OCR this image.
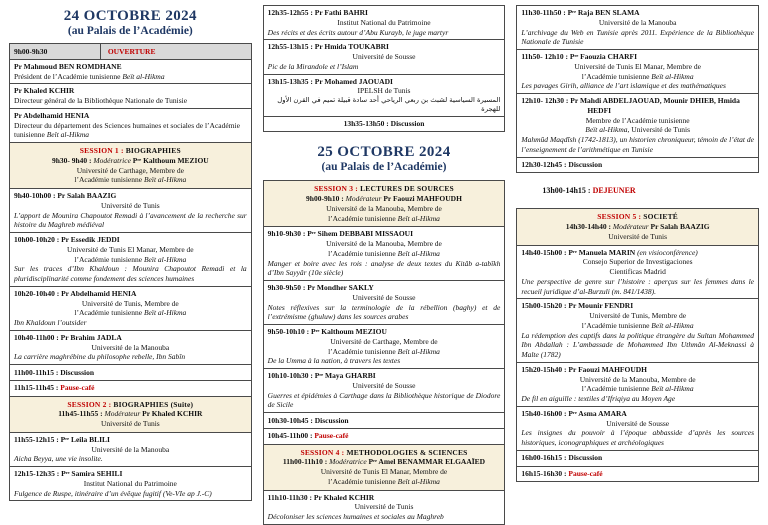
24 OCTOBRE 2024
(au Palais de l’Académie)
9h00-9h30	OUVERTURE
Pr Mahmoud BEN ROMDHANE
Président de l’Académie tunisienne Beït al-Hikma
Pr Khaled KCHIR
Directeur général de la Bibliothèque Nationale de Tunisie
Pr Abdelhamid HENIA
Directeur du département des Sciences humaines et sociales de l’Académie tunisienne Beït al-Hikma
SESSION 1 : BIOGRAPHIES
9h30- 9h40 : Modératrice Pʳᵉ Kalthoum MEZIOU
Université de Carthage, Membre de
l’Académie tunisienne Beït al-Hikma
9h40-10h00 : Pr Salah BAAZIG
Université de Tunis
L’apport de Mounira Chapoutot Remadi à l’avancement de la recherche sur histoire du Maghreb médiéval
10h00-10h20 : Pr Essedik JEDDI
Université de Tunis El Manar, Membre de
l’Académie tunisienne Beït al-Hikma
Sur les traces d’Ibn Khaldoun : Mounira Chapoutot Remadi et la pluridisciplinarité comme fondement des sciences humaines
10h20-10h40 : Pr Abdelhamid HENIA
Université de Tunis, Membre de
l’Académie tunisienne Beït al-Hikma
Ibn Khaldoun l’outsider
10h40-11h00 : Pr Brahim JADLA
Université de la Manouba
La carrière maghrébine du philosophe rebelle, Ibn Sabîn
11h00-11h15 : Discussion
11h15-11h45 : Pause-café
SESSION 2 : BIOGRAPHIES (Suite)
11h45-11h55 : Modérateur Pr Khaled KCHIR
Université de Tunis
11h55-12h15 : Pʳᵉ Leila BLILI
Université de la Manouba
Aicha Beyya, une vie insolite.
12h15-12h35 : Pʳᵉ Samira SEHILI
Institut National du Patrimoine
Fulgence de Ruspe, itinéraire d’un évêque fugitif (Ve-VIe ap J.-C)
12h35-12h55 : Pr Fathi BAHRI
Institut National du Patrimoine
Des récits et des écrits autour d’Abu Kurayb, le juge martyr
12h55-13h15 : Pr Hmida TOUKABRI
Université de Sousse
Pic de la Mirandole et l’Islam
13h15-13h35 : Pr Mohamed JAOUADI
IPELSH de Tunis
المسيرة السياسية لشبث بن ربعي الرياحي أحد سادة قبيلة تميم في القرن الأول للهجرة
13h35-13h50 : Discussion
25 OCTOBRE 2024
(au Palais de l’Académie)
SESSION 3 : LECTURES DE SOURCES
9h00-9h10 : Modérateur Pr Faouzi MAHFOUDH
Université de la Manouba, Membre de
l’Académie tunisienne Beït al-Hikma
9h10-9h30 : Pʳᵉ Sihem DEBBABI MISSAOUI
Université de la Manouba, Membre de
l’Académie tunisienne Beït al-Hikma
Manger et boire avec les rois : analyse de deux textes du Kitâb a-tabîkh d’Ibn Sayyâr (10e siècle)
9h30-9h50 : Pr Mondher SAKLY
Université de Sousse
Notes réflexives sur la terminologie de la rébellion (baghy) et de l’extrémisme (ghuluw) dans les sources arabes
9h50-10h10 : Pʳᵉ Kalthoum MEZIOU
Université de Carthage, Membre de
l’Académie tunisienne Beït al-Hikma
De la Umma à la nation, à travers les textes
10h10-10h30 : Pʳᵉ Maya GHARBI
Université de Sousse
Guerres et épidémies à Carthage dans la Bibliothèque historique de Diodore de Sicile
10h30-10h45 : Discussion
10h45-11h00 : Pause-café
SESSION 4 : METHODOLOGIES & SCIENCES
11h00-11h10 : Modératrice Pʳᵉ Amel BENAMMAR ELGAAÏED
Université de Tunis El Manar, Membre de
l’Académie tunisienne Beït al-Hikma
11h10-11h30 : Pr Khaled KCHIR
Université de Tunis
Décoloniser les sciences humaines et sociales au Maghreb
11h30-11h50 : Pʳᵉ Raja BEN SLAMA
Université de la Manouba
L’archivage du Web en Tunisie après 2011. Expérience de la Bibliothèque Nationale de Tunisie
11h50- 12h10 : Pʳᵉ Faouzia CHARFI
Université de Tunis El Manar, Membre de
l’Académie tunisienne Beït al-Hikma
Les pavages Girih, alliance de l’art islamique et des mathématiques
12h10- 12h30 : Pr Mahdi ABDELJAOUAD, Mounir DHIEB, Hmida HEDFI
Membre de l’Académie tunisienne
Beït al-Hikma, Université de Tunis
Mahmūd Maqdīsh (1742-1813), un historien chroniqueur, témoin de l’état de l’enseignement de l’arithmétique en Tunisie
12h30-12h45 : Discussion
13h00-14h15 : DEJEUNER
SESSION 5 : SOCIETÉ
14h30-14h40 : Modérateur Pr Salah BAAZIG
Université de Tunis
14h40-15h00 : Pʳᵉ Manuela MARIN (en visioconférence)
Consejo Superior de Investigaciones
Cientificas Madrid
Une perspective de genre sur l’histoire : aperçus sur les femmes dans le recueil juridique d’al-Burzuli (m. 841/1438).
15h00-15h20 : Pr Mounir FENDRI
Université de Tunis, Membre de
l’Académie tunisienne Beït al-Hikma
La rédemption des captifs dans la politique étrangère du Sultan Mohammed Ibn Abdallah : L’ambassade de Mohammed Ibn Uthmân Al-Meknassi à Malte (1782)
15h20-15h40 : Pr Faouzi MAHFOUDH
Université de la Manouba, Membre de
l’Académie tunisienne Beït al-Hikma
De fil en aiguille : textiles d’Ifriqiya au Moyen Age
15h40-16h00 : Pʳᵉ Asma AMARA
Université de Sousse
Les insignes du pouvoir à l’époque abbasside d’après les sources historiques, iconographiques et archéologiques
16h00-16h15 : Discussion
16h15-16h30 : Pause-café
